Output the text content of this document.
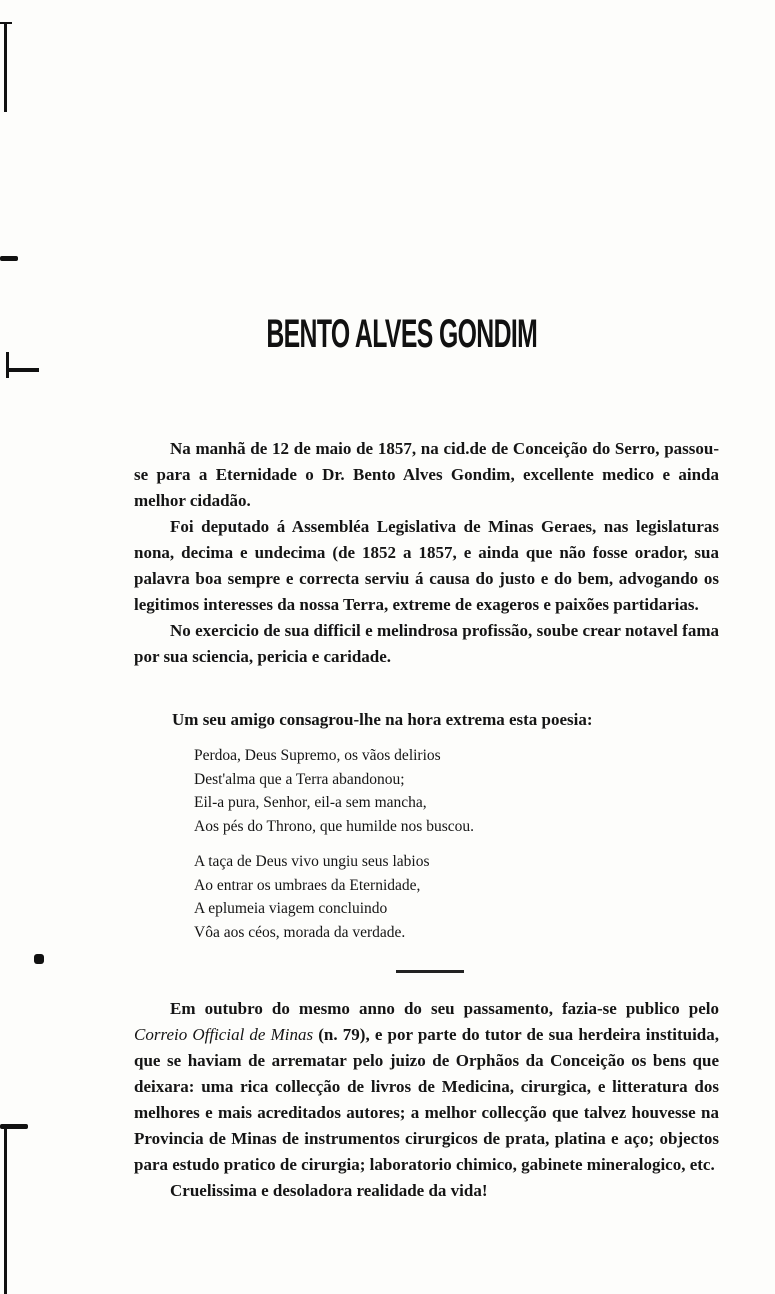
BENTO ALVES GONDIM

Na manhã de 12 de maio de 1857, na cid.de de Conceição do Serro, passou-se para a Eternidade o Dr. Bento Alves Gondim, excellente medico e ainda melhor cidadão.

Foi deputado á Assembléa Legislativa de Minas Geraes, nas legislaturas nona, decima e undecima (de 1852 a 1857, e ainda que não fosse orador, sua palavra boa sempre e correcta serviu á causa do justo e do bem, advogando os legitimos interesses da nossa Terra, extreme de exageros e paixões partidarias.

No exercicio de sua difficil e melindrosa profissão, soube crear notavel fama por sua sciencia, pericia e caridade.

Um seu amigo consagrou-lhe na hora extrema esta poesia:
Perdoa, Deus Supremo, os vãos delirios
Dest'alma que a Terra abandonou;
Eil-a pura, Senhor, eil-a sem mancha,
Aos pés do Throno, que humilde nos buscou.
A taça de Deus vivo ungiu seus labios
Ao entrar os umbraes da Eternidade,
A eplumeia viagem concluindo
Vôa aos céos, morada da verdade.

Em outubro do mesmo anno do seu passamento, fazia-se publico pelo Correio Official de Minas (n. 79), e por parte do tutor de sua herdeira instituida, que se haviam de arrematar pelo juizo de Orphãos da Conceição os bens que deixara: uma rica collecção de livros de Medicina, cirurgica, e litteratura dos melhores e mais acreditados autores; a melhor collecção que talvez houvesse na Provincia de Minas de instrumentos cirurgicos de prata, platina e aço; objectos para estudo pratico de cirurgia; laboratorio chimico, gabinete mineralogico, etc.

Cruelissima e desoladora realidade da vida!
